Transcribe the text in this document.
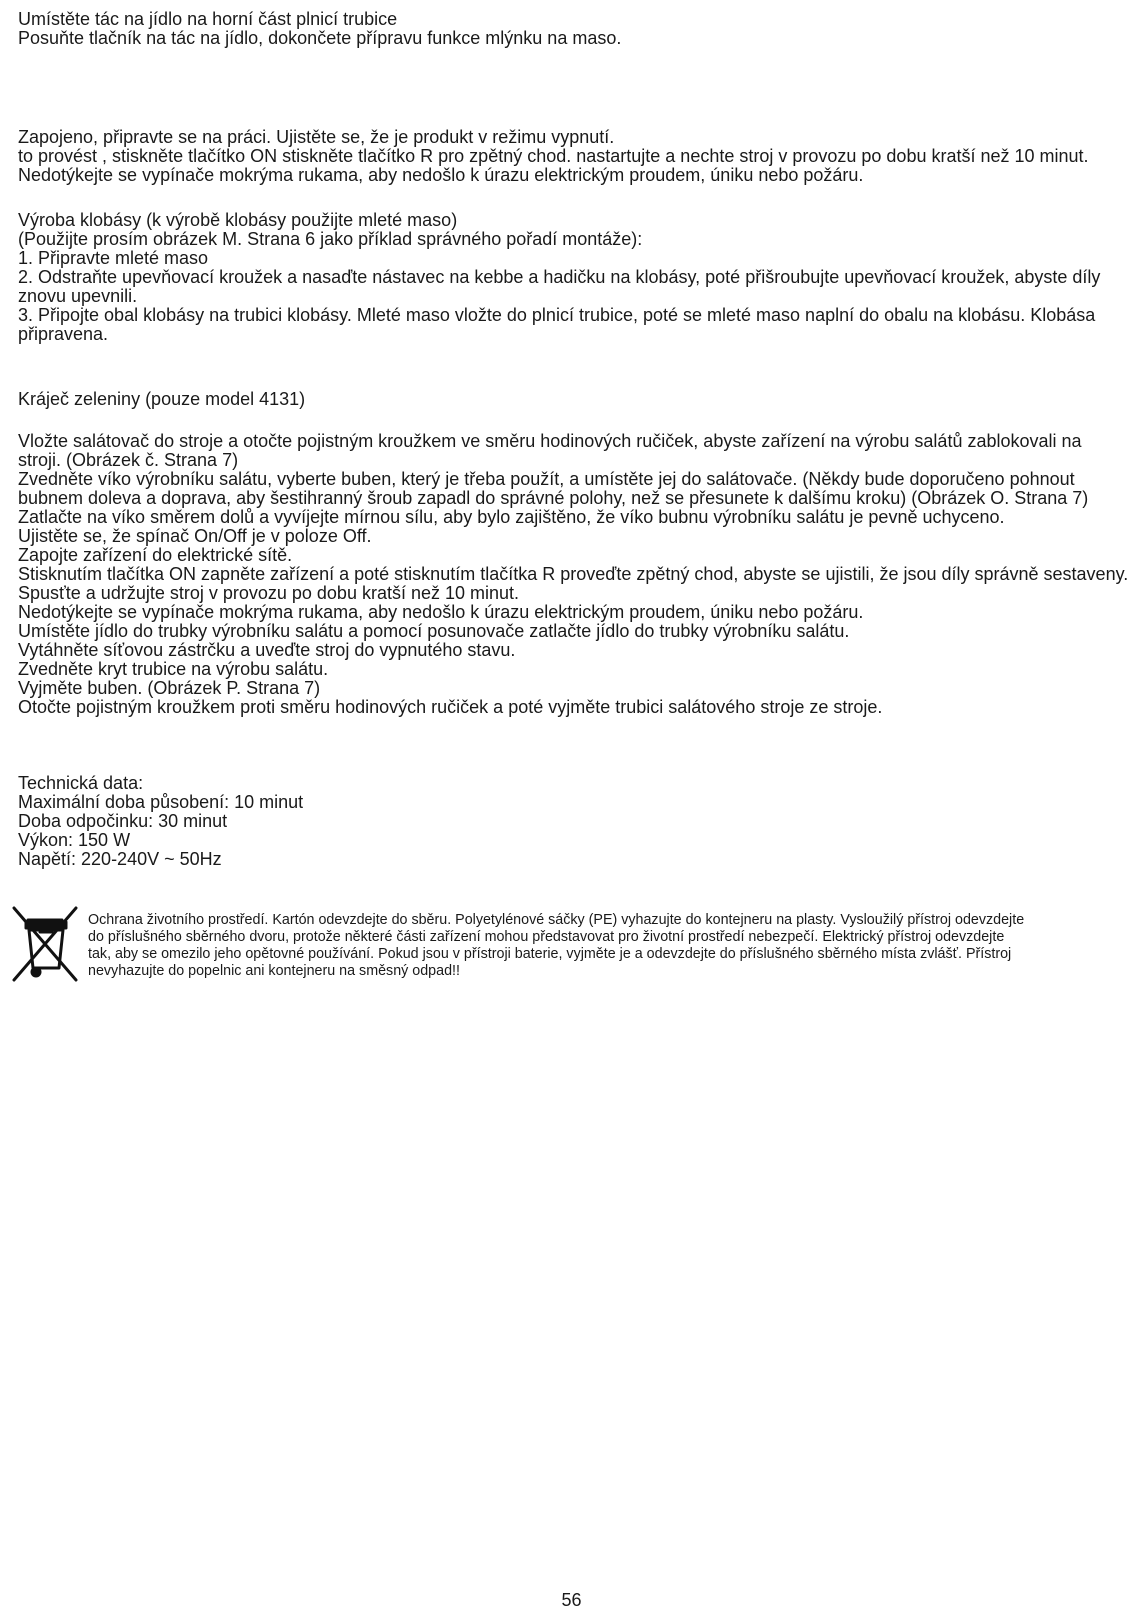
Umístěte tác na jídlo na horní část plnicí trubice
Posuňte tlačník na tác na jídlo, dokončete přípravu funkce mlýnku na maso.
Zapojeno, připravte se na práci. Ujistěte se, že je produkt v režimu vypnutí.
to provést , stiskněte tlačítko ON stiskněte tlačítko R pro zpětný chod. nastartujte a nechte stroj v provozu po dobu kratší než 10 minut.
Nedotýkejte se vypínače mokrýma rukama, aby nedošlo k úrazu elektrickým proudem, úniku nebo požáru.
Výroba klobásy (k výrobě klobásy použijte mleté maso)
(Použijte prosím obrázek M. Strana 6 jako příklad správného pořadí montáže):
1. Připravte mleté maso
2. Odstraňte upevňovací kroužek a nasaďte nástavec na kebbe a hadičku na klobásy, poté přišroubujte upevňovací kroužek, abyste díly
znovu upevnili.
3. Připojte obal klobásy na trubici klobásy. Mleté maso vložte do plnicí trubice, poté se mleté maso naplní do obalu na klobásu. Klobása
připravena.
Kráječ zeleniny (pouze model 4131)
Vložte salátovač do stroje a otočte pojistným kroužkem ve směru hodinových ručiček, abyste zařízení na výrobu salátů zablokovali na
stroji. (Obrázek č. Strana 7)
Zvedněte víko výrobníku salátu, vyberte buben, který je třeba použít, a umístěte jej do salátovače. (Někdy bude doporučeno pohnout
bubnem doleva a doprava, aby šestihranný šroub zapadl do správné polohy, než se přesunete k dalšímu kroku) (Obrázek O. Strana 7)
Zatlačte na víko směrem dolů a vyvíjejte mírnou sílu, aby bylo zajištěno, že víko bubnu výrobníku salátu je pevně uchyceno.
Ujistěte se, že spínač On/Off je v poloze Off.
Zapojte zařízení do elektrické sítě.
Stisknutím tlačítka ON zapněte zařízení a poté stisknutím tlačítka R proveďte zpětný chod, abyste se ujistili, že jsou díly správně sestaveny.
Spusťte a udržujte stroj v provozu po dobu kratší než 10 minut.
Nedotýkejte se vypínače mokrýma rukama, aby nedošlo k úrazu elektrickým proudem, úniku nebo požáru.
Umístěte jídlo do trubky výrobníku salátu a pomocí posunovače zatlačte jídlo do trubky výrobníku salátu.
Vytáhněte síťovou zástrčku a uveďte stroj do vypnutého stavu.
Zvedněte kryt trubice na výrobu salátu.
Vyjměte buben. (Obrázek P. Strana 7)
Otočte pojistným kroužkem proti směru hodinových ručiček a poté vyjměte trubici salátového stroje ze stroje.
Technická data:
Maximální doba působení: 10 minut
Doba odpočinku: 30 minut
Výkon: 150 W
Napětí: 220-240V ~ 50Hz
Ochrana životního prostředí. Kartón odevzdejte do sběru. Polyetylénové sáčky (PE) vyhazujte do kontejneru na plasty. Vysloužilý přístroj odevzdejte
do příslušného sběrného dvoru, protože některé části zařízení mohou představovat pro životní prostředí nebezpečí. Elektrický přístroj odevzdejte
tak, aby se omezilo jeho opětovné používání. Pokud jsou v přístroji baterie, vyjměte je a odevzdejte do příslušného sběrného místa zvlášť. Přístroj
nevyhazujte do popelnic ani kontejneru na směsný odpad!!
56
